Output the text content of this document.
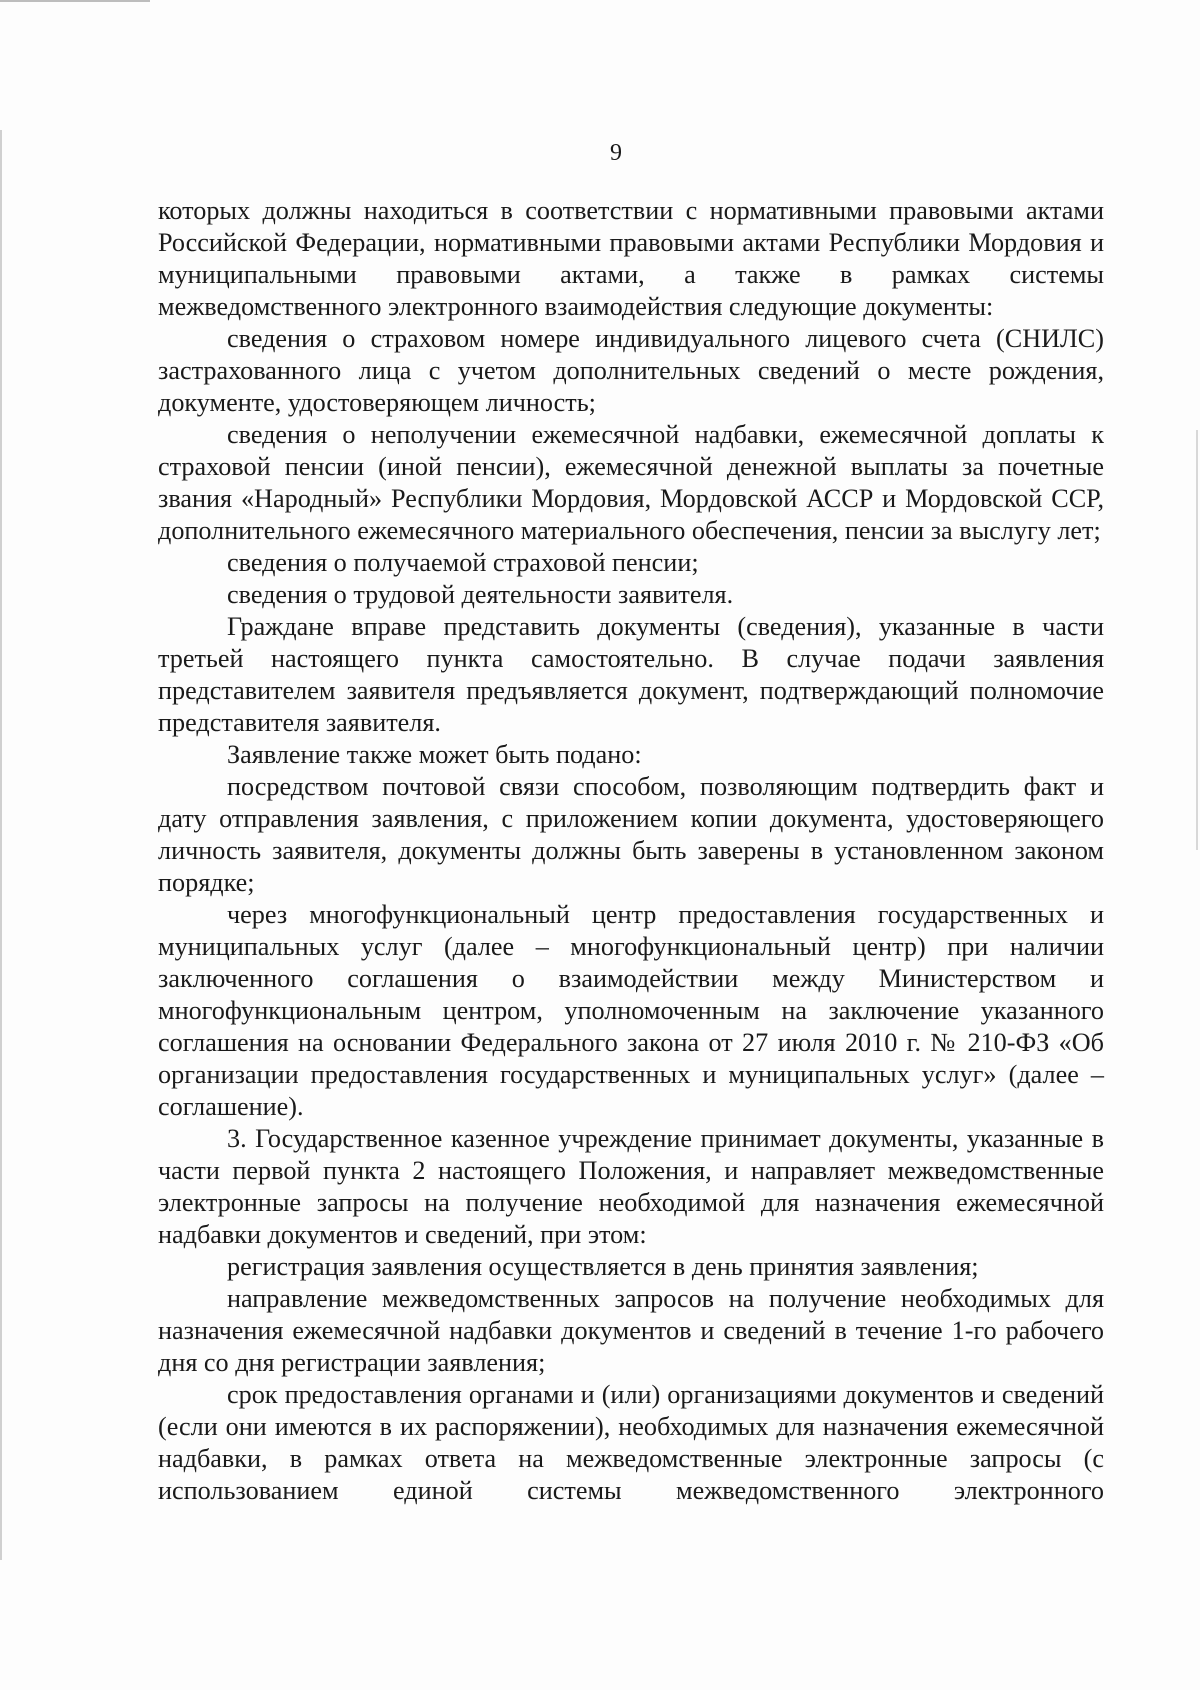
9

которых должны находиться в соответствии с нормативными правовыми актами Российской Федерации, нормативными правовыми актами Республики Мордовия и муниципальными правовыми актами, а также в рамках системы межведомственного электронного взаимодействия следующие документы:

сведения о страховом номере индивидуального лицевого счета (СНИЛС) застрахованного лица с учетом дополнительных сведений о месте рождения, документе, удостоверяющем личность;

сведения о неполучении ежемесячной надбавки, ежемесячной доплаты к страховой пенсии (иной пенсии), ежемесячной денежной выплаты за почетные звания «Народный» Республики Мордовия, Мордовской АССР и Мордовской ССР, дополнительного ежемесячного материального обеспечения, пенсии за выслугу лет;

сведения о получаемой страховой пенсии;

сведения о трудовой деятельности заявителя.

Граждане вправе представить документы (сведения), указанные в части третьей настоящего пункта самостоятельно. В случае подачи заявления представителем заявителя предъявляется документ, подтверждающий полномочие представителя заявителя.

Заявление также может быть подано:

посредством почтовой связи способом, позволяющим подтвердить факт и дату отправления заявления, с приложением копии документа, удостоверяющего личность заявителя, документы должны быть заверены в установленном законом порядке;

через многофункциональный центр предоставления государственных и муниципальных услуг (далее – многофункциональный центр) при наличии заключенного соглашения о взаимодействии между Министерством и многофункциональным центром, уполномоченным на заключение указанного соглашения на основании Федерального закона от 27 июля 2010 г. № 210-ФЗ «Об организации предоставления государственных и муниципальных услуг» (далее – соглашение).

3. Государственное казенное учреждение принимает документы, указанные в части первой пункта 2 настоящего Положения, и направляет межведомственные электронные запросы на получение необходимой для назначения ежемесячной надбавки документов и сведений, при этом:

регистрация заявления осуществляется в день принятия заявления;

направление межведомственных запросов на получение необходимых для назначения ежемесячной надбавки документов и сведений в течение 1-го рабочего дня со дня регистрации заявления;

срок предоставления органами и (или) организациями документов и сведений (если они имеются в их распоряжении), необходимых для назначения ежемесячной надбавки, в рамках ответа на межведомственные электронные запросы (с использованием единой системы межведомственного электронного
